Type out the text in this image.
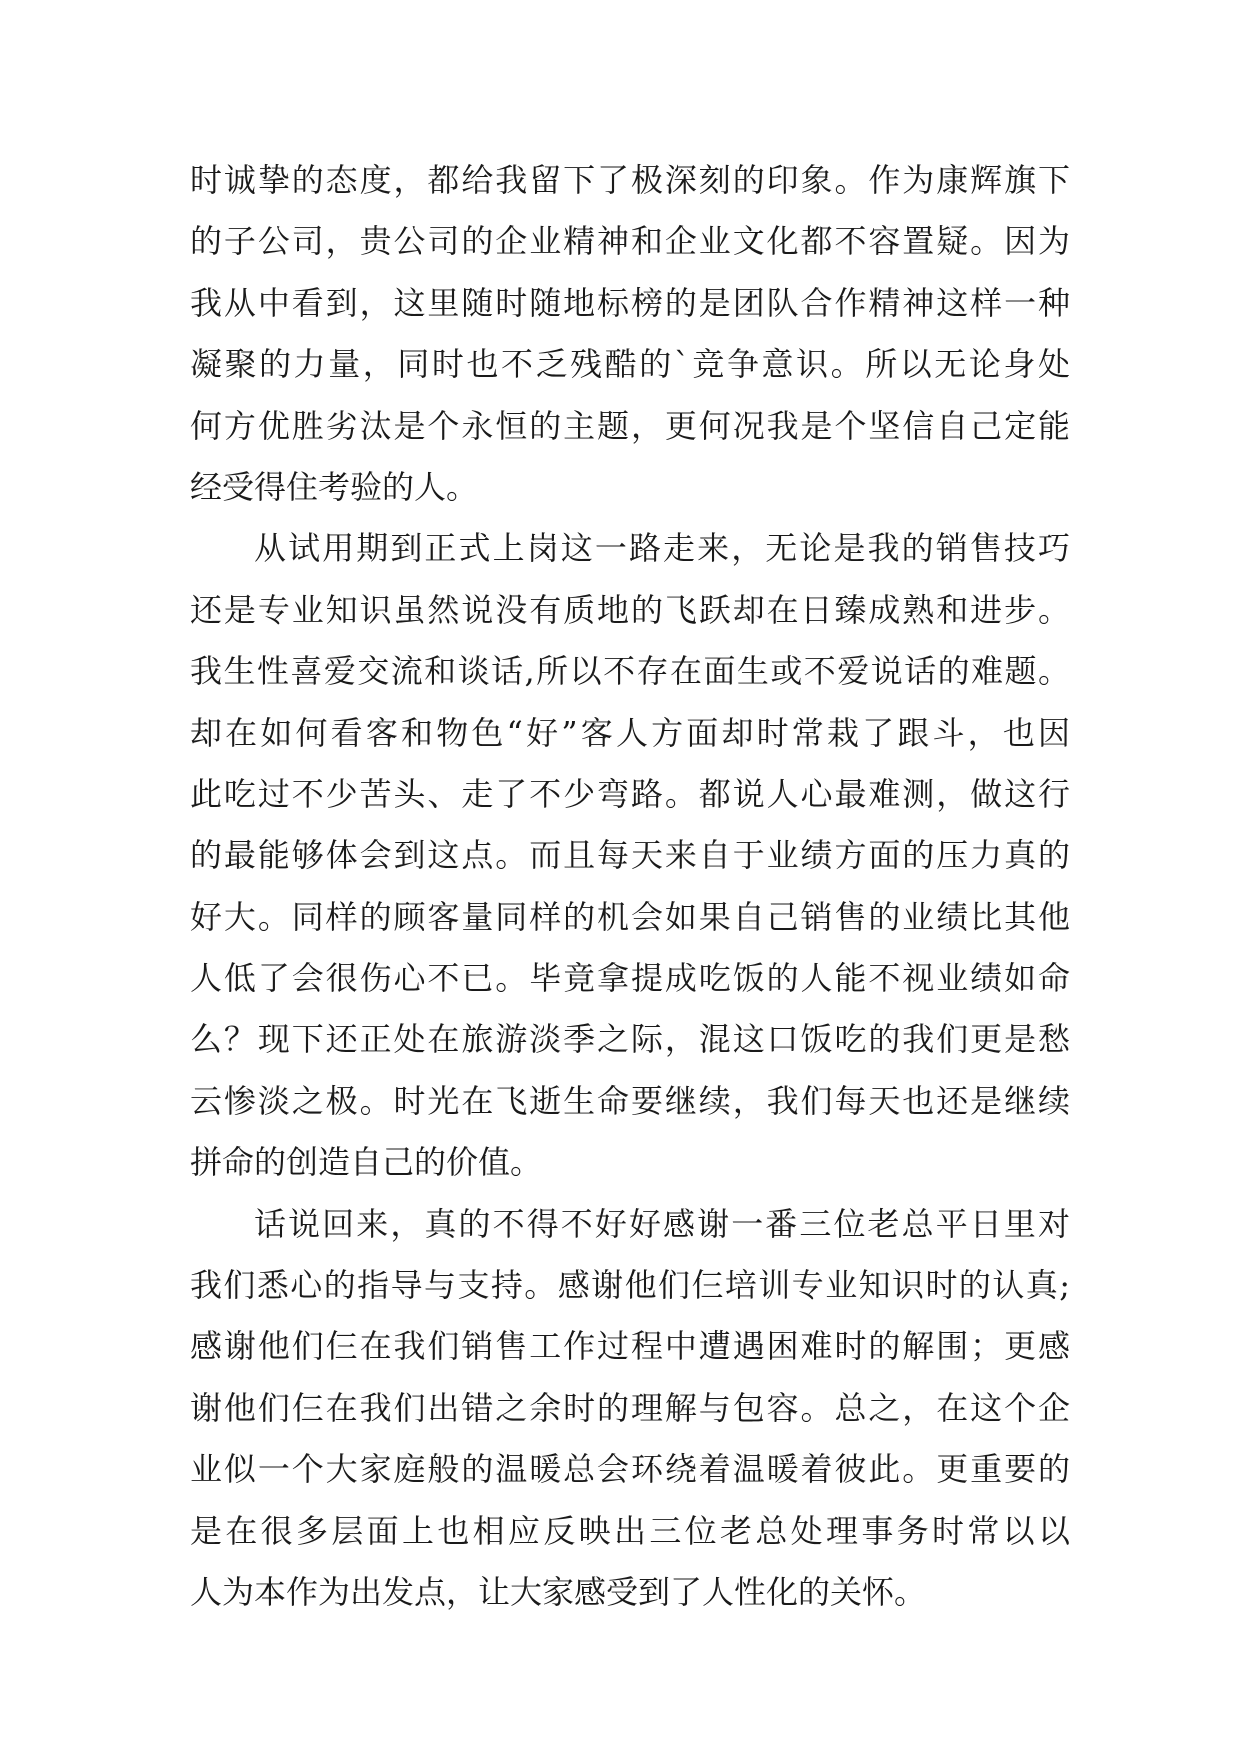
时诚挚的态度，都给我留下了极深刻的印象。作为康辉旗下
的子公司，贵公司的企业精神和企业文化都不容置疑。因为
我从中看到，这里随时随地标榜的是团队合作精神这样一种
凝聚的力量，同时也不乏残酷的`竞争意识。所以无论身处
何方优胜劣汰是个永恒的主题，更何况我是个坚信自己定能
经受得住考验的人。
从试用期到正式上岗这一路走来，无论是我的销售技巧
还是专业知识虽然说没有质地的飞跃却在日臻成熟和进步。
我生性喜爱交流和谈话,所以不存在面生或不爱说话的难题。
却在如何看客和物色“好”客人方面却时常栽了跟斗，也因
此吃过不少苦头、走了不少弯路。都说人心最难测，做这行
的最能够体会到这点。而且每天来自于业绩方面的压力真的
好大。同样的顾客量同样的机会如果自己销售的业绩比其他
人低了会很伤心不已。毕竟拿提成吃饭的人能不视业绩如命
么？现下还正处在旅游淡季之际，混这口饭吃的我们更是愁
云惨淡之极。时光在飞逝生命要继续，我们每天也还是继续
拼命的创造自己的价值。
话说回来，真的不得不好好感谢一番三位老总平日里对
我们悉心的指导与支持。感谢他们仨培训专业知识时的认真;
感谢他们仨在我们销售工作过程中遭遇困难时的解围；更感
谢他们仨在我们出错之余时的理解与包容。总之，在这个企
业似一个大家庭般的温暖总会环绕着温暖着彼此。更重要的
是在很多层面上也相应反映出三位老总处理事务时常以以
人为本作为出发点，让大家感受到了人性化的关怀。
